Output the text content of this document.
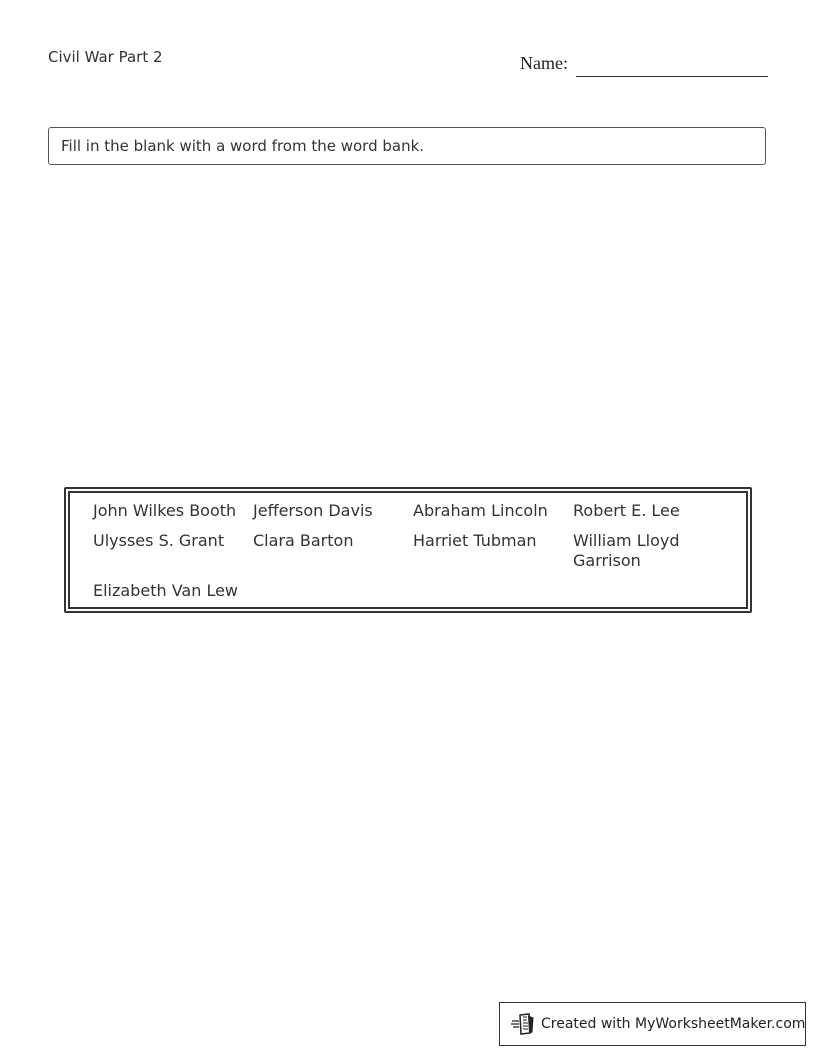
Civil War Part 2	Name:
Fill in the blank with a word from the word bank.
John Wilkes Booth	Jefferson Davis	Abraham Lincoln	Robert E. Lee
Ulysses S. Grant	Clara Barton	Harriet Tubman	William Lloyd Garrison
Elizabeth Van Lew
Created with MyWorksheetMaker.com
